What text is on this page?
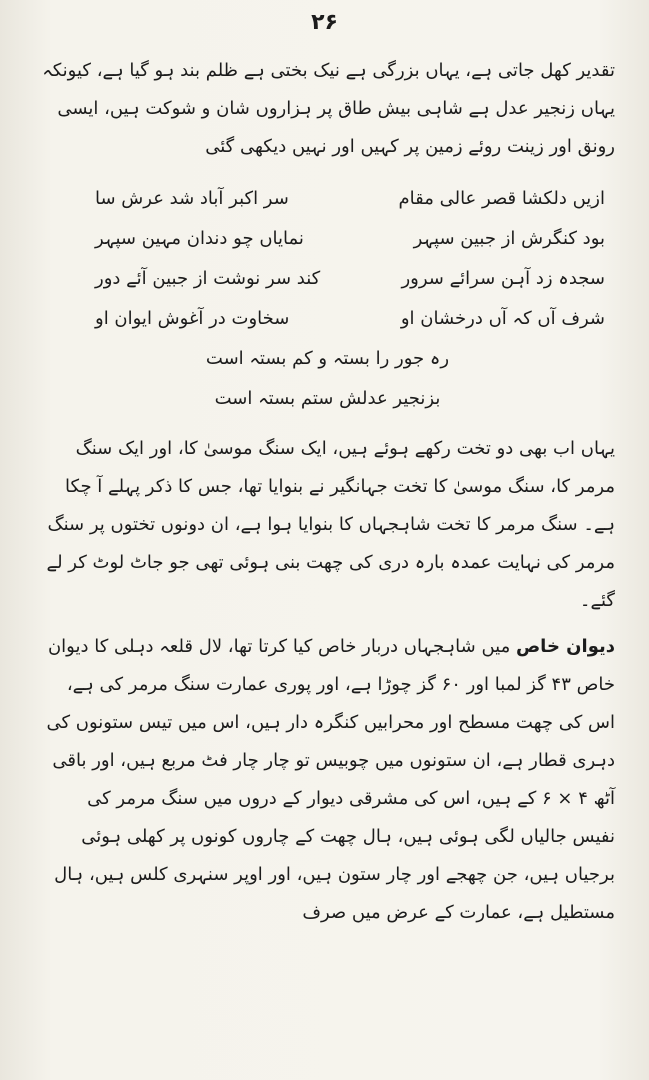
۲۶

تقدیر کھل جاتی ہے، یہاں بزرگی ہے نیک بختی ہے ظلم بند ہو گیا ہے، کیونکہ یہاں زنجیر عدل ہے شاہی بیش طاق پر ہزاروں شان و شوکت ہیں، ایسی رونق اور زینت روئے زمین پر کہیں اور نہیں دیکھی گئی

ازیں دلکشا قصر عالی مقام
سر اکبر آباد شد عرش سا
بود کنگرش از جبین سپہر
نمایاں چو دندان مہین سپہر
سجدہ زد آہن سرائے سرور
کند سر نوشت از جبین آئے دور
شرف آں کہ آں درخشان او
سخاوت در آغوش ایوان او
رہ جور را بستہ و کم بستہ است
بزنجیر عدلش ستم بستہ است

یہاں اب بھی دو تخت رکھے ہوئے ہیں، ایک سنگ موسیٰ کا، اور ایک سنگ مرمر کا، سنگ موسیٰ کا تخت جہانگیر نے بنوایا تھا، جس کا ذکر پہلے آ چکا ہے۔ سنگ مرمر کا تخت شاہجہاں کا بنوایا ہوا ہے، ان دونوں تختوں پر سنگ مرمر کی نہایت عمدہ بارہ دری کی چھت بنی ہوئی تھی جو جاٹ لوٹ کر لے گئے۔

دیوان خاص میں شاہجہاں دربار خاص کیا کرتا تھا، لال قلعہ دہلی کا دیوان خاص ۴۳ گز لمبا اور ۶۰ گز چوڑا ہے، اور پوری عمارت سنگ مرمر کی ہے، اس کی چھت مسطح اور محرابیں کنگرہ دار ہیں، اس میں تیس ستونوں کی دہری قطار ہے، ان ستونوں میں چوبیس تو چار چار فٹ مربع ہیں، اور باقی آٹھ ۴ × ۶ کے ہیں، اس کی مشرقی دیوار کے دروں میں سنگ مرمر کی نفیس جالیاں لگی ہوئی ہیں، ہال چھت کے چاروں کونوں پر کھلی ہوئی برجیاں ہیں، جن چھجے اور چار ستون ہیں، اور اوپر سنہری کلس ہیں، ہال مستطیل ہے، عمارت کے عرض میں صرف
